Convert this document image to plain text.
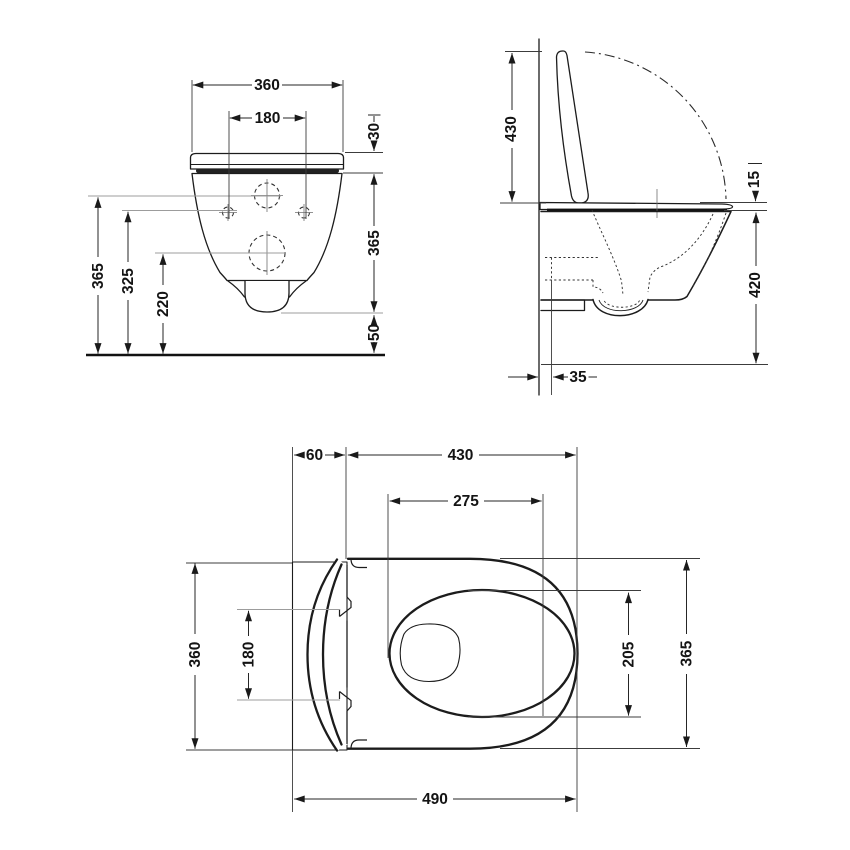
360
180
30
365
50
365 325
220
430
15
420
35
60	430
275
490
360 180	205	365
